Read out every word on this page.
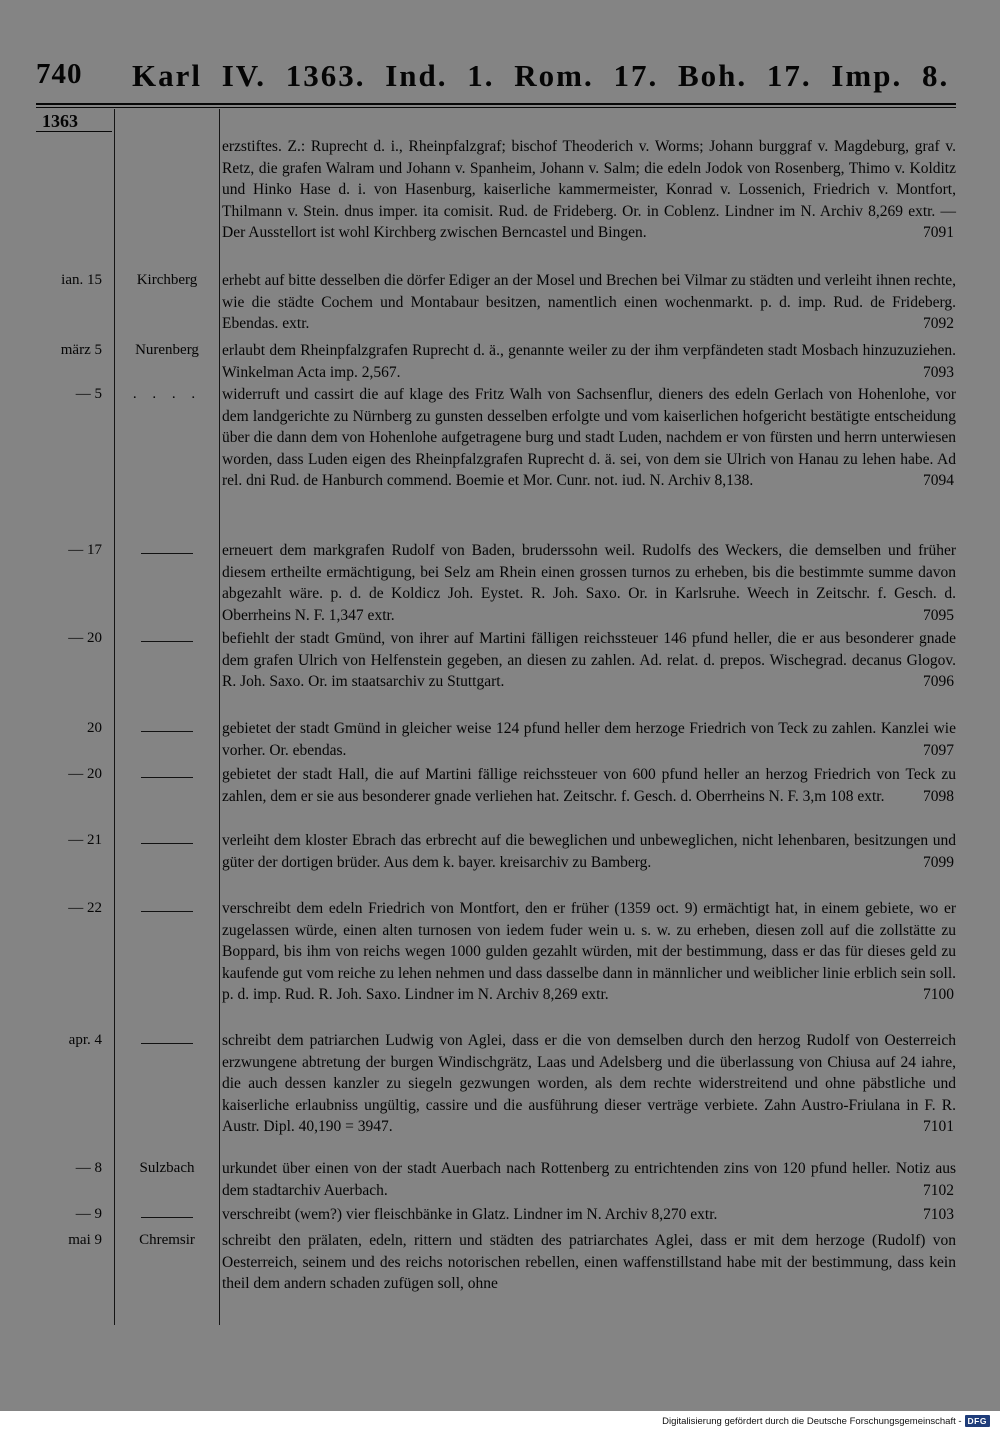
740 Karl IV. 1363. Ind. 1. Rom. 17. Boh. 17. Imp. 8.
1363
erzstiftes. Z.: Ruprecht d. i., Rheinpfalzgraf; bischof Theoderich v. Worms; Johann burggraf v. Magdeburg, graf v. Retz, die grafen Walram und Johann v. Spanheim, Johann v. Salm; die edeln Jodok von Rosenberg, Thimo v. Kolditz und Hinko Hase d. i. von Hasenburg, kaiserliche kammermeister, Konrad v. Lossenich, Friedrich v. Montfort, Thilmann v. Stein. dnus imper. ita comisit. Rud. de Frideberg. Or. in Coblenz. Lindner im N. Archiv 8,269 extr. — Der Ausstellort ist wohl Kirchberg zwischen Berncastel und Bingen.	7091
ian. 15	Kirchberg	erhebt auf bitte desselben die dörfer Ediger an der Mosel und Brechen bei Vilmar zu städten und verleiht ihnen rechte, wie die städte Cochem und Montabaur besitzen, namentlich einen wochenmarkt. p. d. imp. Rud. de Frideberg. Ebendas. extr.	7092
märz 5	Nurenberg	erlaubt dem Rheinpfalzgrafen Ruprecht d. ä., genannte weiler zu der ihm verpfändeten stadt Mosbach hinzuzuziehen. Winkelman Acta imp. 2,567.	7093
— 5	. . . .	widerruft und cassirt die auf klage des Fritz Walh von Sachsenflur, dieners des edeln Gerlach von Hohenlohe, vor dem landgerichte zu Nürnberg zu gunsten desselben erfolgte und vom kaiserlichen hofgericht bestätigte entscheidung über die dann dem von Hohenlohe aufgetragene burg und stadt Luden, nachdem er von fürsten und herrn unterwiesen worden, dass Luden eigen des Rheinpfalzgrafen Ruprecht d. ä. sei, von dem sie Ulrich von Hanau zu lehen habe. Ad rel. dni Rud. de Hanburch commend. Boemie et Mor. Cunr. not. iud. N. Archiv 8,138.	7094
— 17	erneuert dem markgrafen Rudolf von Baden, bruderssohn weil. Rudolfs des Weckers, die demselben und früher diesem ertheilte ermächtigung, bei Selz am Rhein einen grossen turnos zu erheben, bis die bestimmte summe davon abgezahlt wäre. p. d. de Koldicz Joh. Eystet. R. Joh. Saxo. Or. in Karlsruhe. Weech in Zeitschr. f. Gesch. d. Oberrheins N. F. 1,347 extr.	7095
— 20	befiehlt der stadt Gmünd, von ihrer auf Martini fälligen reichssteuer 146 pfund heller, die er aus besonderer gnade dem grafen Ulrich von Helfenstein gegeben, an diesen zu zahlen. Ad. relat. d. prepos. Wischegrad. decanus Glogov. R. Joh. Saxo. Or. im staatsarchiv zu Stuttgart.	7096
20	gebietet der stadt Gmünd in gleicher weise 124 pfund heller dem herzoge Friedrich von Teck zu zahlen. Kanzlei wie vorher. Or. ebendas.	7097
— 20	gebietet der stadt Hall, die auf Martini fällige reichssteuer von 600 pfund heller an herzog Friedrich von Teck zu zahlen, dem er sie aus besonderer gnade verliehen hat. Zeitschr. f. Gesch. d. Oberrheins N. F. 3,m 108 extr. 7098
— 21	verleiht dem kloster Ebrach das erbrecht auf die beweglichen und unbeweglichen, nicht lehenbaren, besitzungen und güter der dortigen brüder. Aus dem k. bayer. kreisarchiv zu Bamberg.	7099
— 22	verschreibt dem edeln Friedrich von Montfort, den er früher (1359 oct. 9) ermächtigt hat, in einem gebiete, wo er zugelassen würde, einen alten turnosen von iedem fuder wein u. s. w. zu erheben, diesen zoll auf die zollstätte zu Boppard, bis ihm von reichs wegen 1000 gulden gezahlt würden, mit der bestimmung, dass er das für dieses geld zu kaufende gut vom reiche zu lehen nehmen und dass dasselbe dann in männlicher und weiblicher linie erblich sein soll. p. d. imp. Rud. R. Joh. Saxo. Lindner im N. Archiv 8,269 extr.	7100
apr. 4	schreibt dem patriarchen Ludwig von Aglei, dass er die von demselben durch den herzog Rudolf von Oesterreich erzwungene abtretung der burgen Windischgrätz, Laas und Adelsberg und die überlassung von Chiusa auf 24 iahre, die auch dessen kanzler zu siegeln gezwungen worden, als dem rechte widerstreitend und ohne päbstliche und kaiserliche erlaubniss ungültig, cassire und die ausführung dieser verträge verbiete. Zahn Austro-Friulana in F. R. Austr. Dipl. 40,190 = 3947.	7101
— 8	Sulzbach	urkundet über einen von der stadt Auerbach nach Rottenberg zu entrichtenden zins von 120 pfund heller. Notiz aus dem stadtarchiv Auerbach.	7102
— 9	verschreibt (wem?) vier fleischbänke in Glatz. Lindner im N. Archiv 8,270 extr.	7103
mai 9	Chremsir	schreibt den prälaten, edeln, rittern und städten des patriarchates Aglei, dass er mit dem herzoge (Rudolf) von Oesterreich, seinem und des reichs notorischen rebellen, einen waffenstillstand habe mit der bestimmung, dass kein theil dem andern schaden zufügen soll, ohne
Digitalisierung gefördert durch die Deutsche Forschungsgemeinschaft - DFG
